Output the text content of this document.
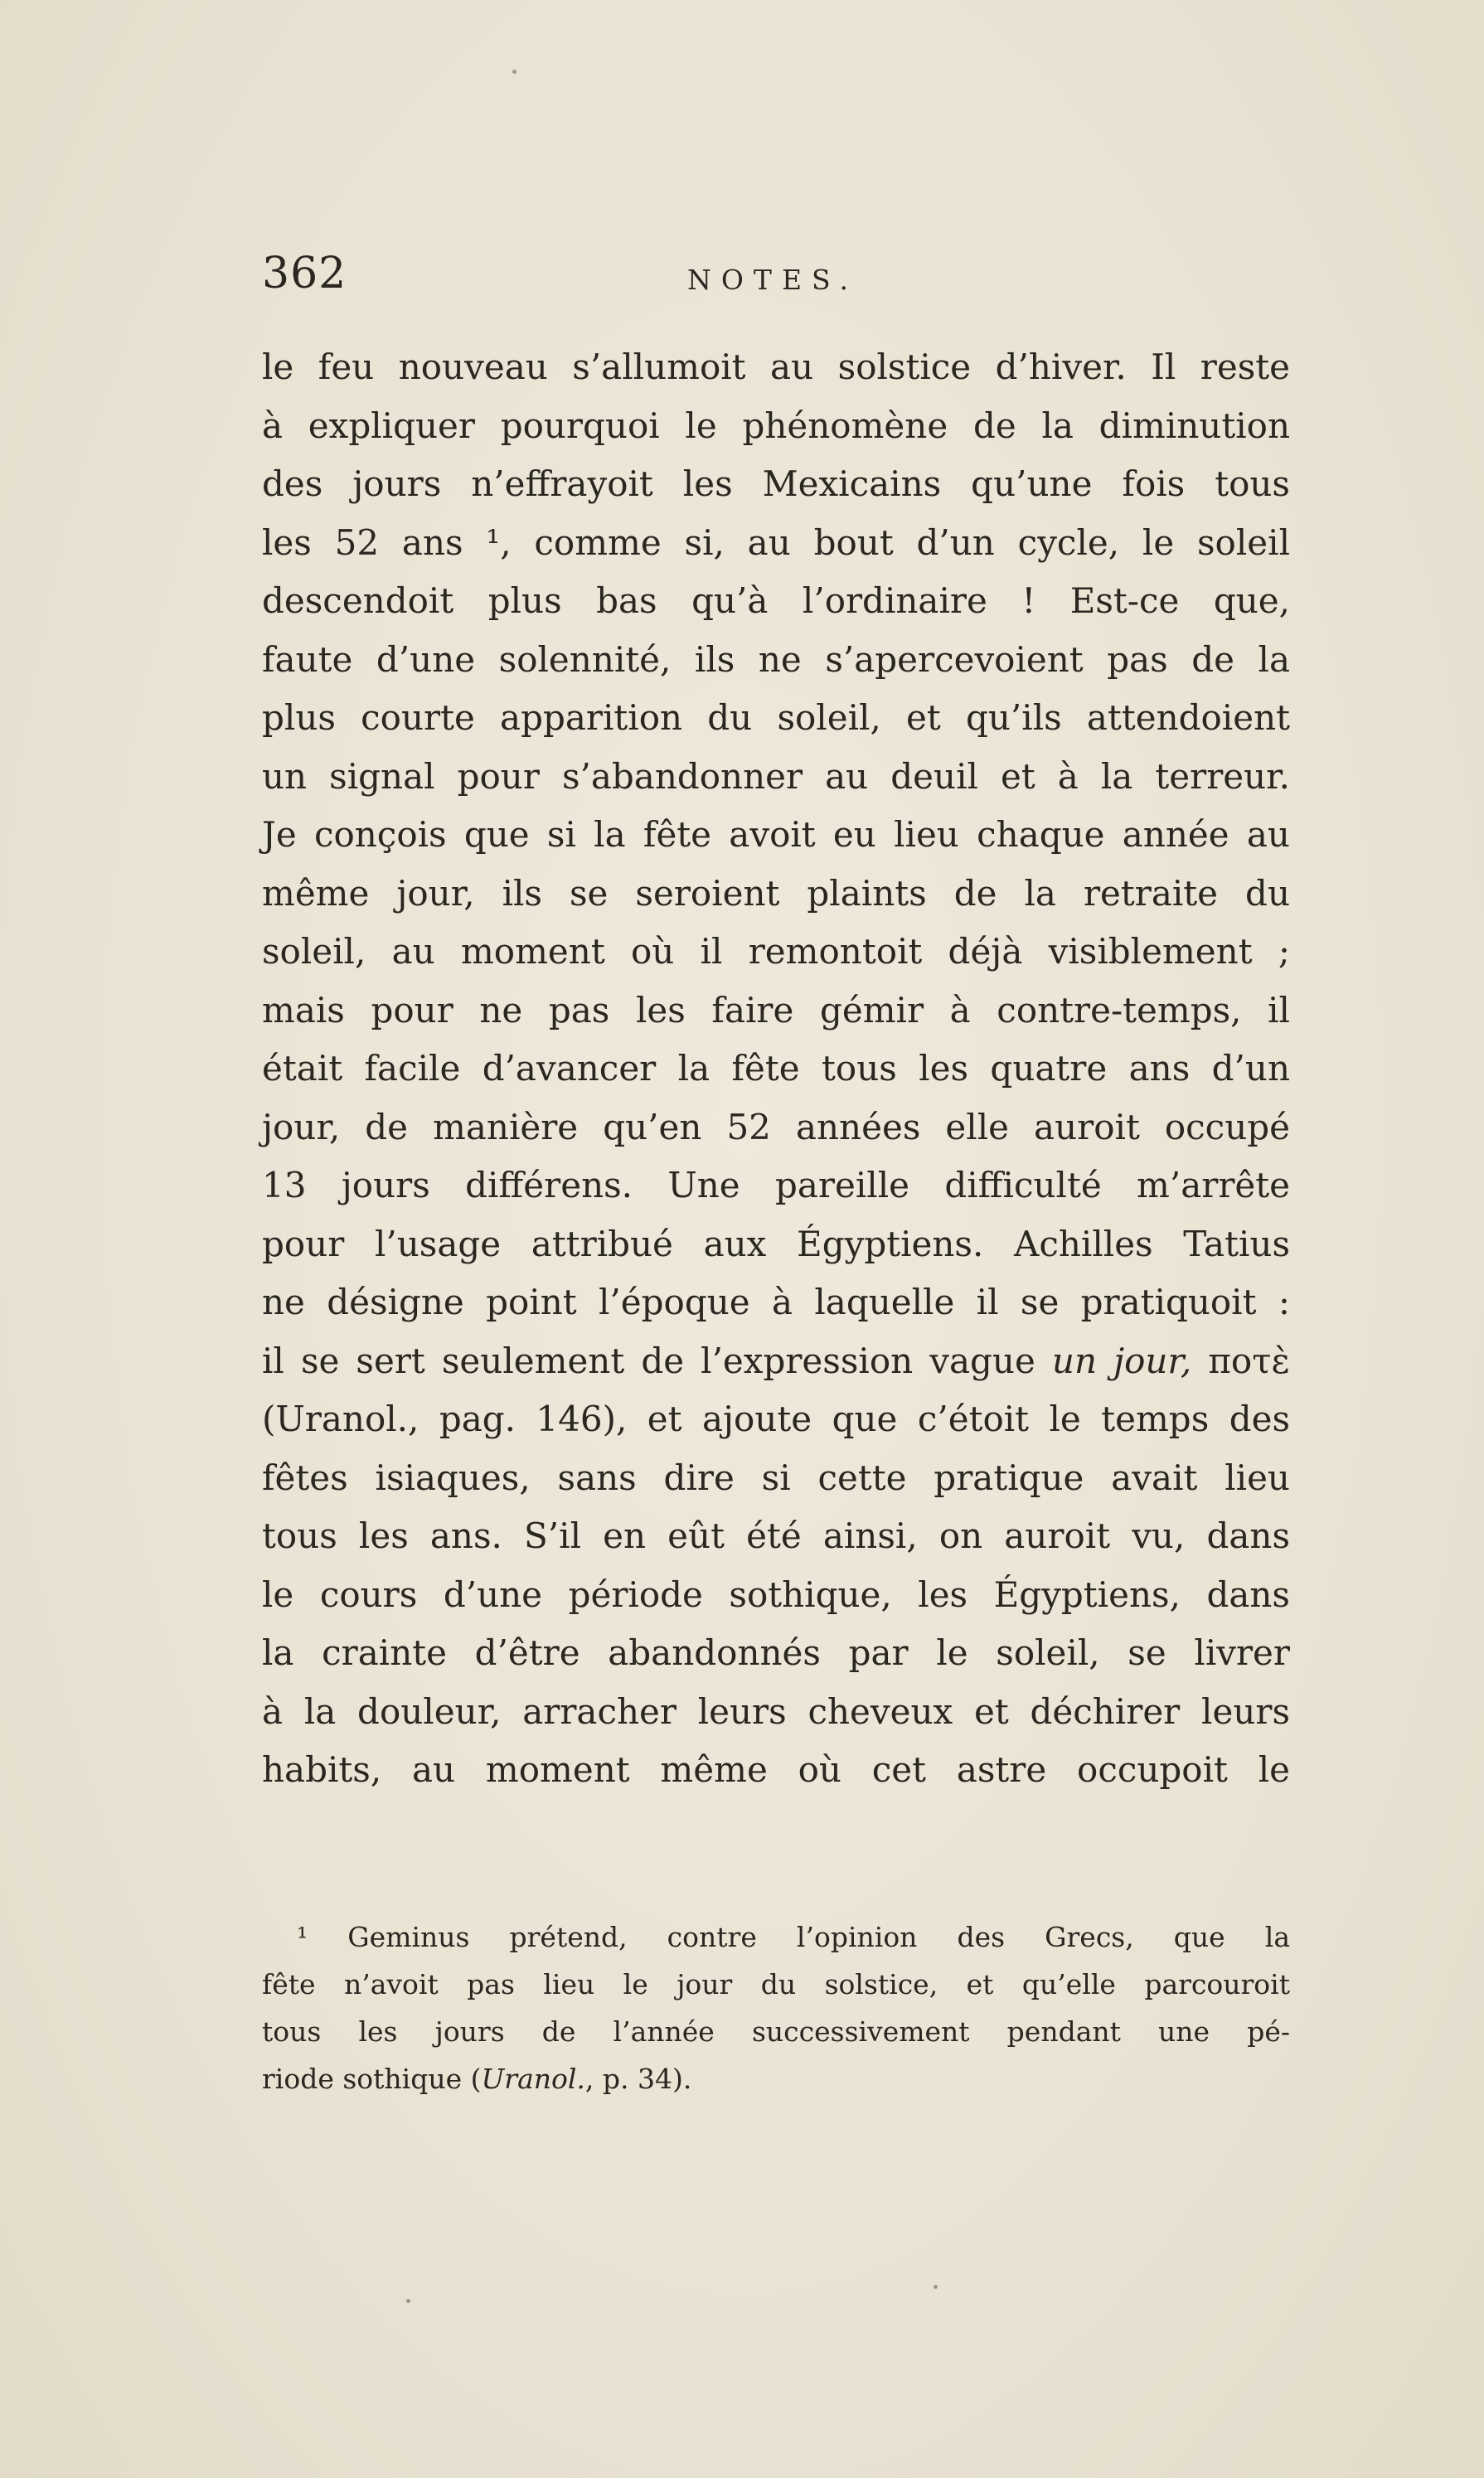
362	NOTES.
le feu nouveau s’allumoit au solstice d’hiver. Il reste
à expliquer pourquoi le phénomène de la diminution
des jours n’effrayoit les Mexicains qu’une fois tous
les 52 ans ¹, comme si, au bout d’un cycle, le soleil
descendoit plus bas qu’à l’ordinaire ! Est-ce que,
faute d’une solennité, ils ne s’apercevoient pas de la
plus courte apparition du soleil, et qu’ils attendoient
un signal pour s’abandonner au deuil et à la terreur.
Je conçois que si la fête avoit eu lieu chaque année au
même jour, ils se seroient plaints de la retraite du
soleil, au moment où il remontoit déjà visiblement ;
mais pour ne pas les faire gémir à contre-temps, il
était facile d’avancer la fête tous les quatre ans d’un
jour, de manière qu’en 52 années elle auroit occupé
13 jours différens. Une pareille difficulté m’arrête
pour l’usage attribué aux Égyptiens. Achilles Tatius
ne désigne point l’époque à laquelle il se pratiquoit :
il se sert seulement de l’expression vague un jour, ποτὲ
(Uranol., pag. 146), et ajoute que c’étoit le temps des
fêtes isiaques, sans dire si cette pratique avait lieu
tous les ans. S’il en eût été ainsi, on auroit vu, dans
le cours d’une période sothique, les Égyptiens, dans
la crainte d’être abandonnés par le soleil, se livrer
à la douleur, arracher leurs cheveux et déchirer leurs
habits, au moment même où cet astre occupoit le
¹ Geminus prétend, contre l’opinion des Grecs, que la
fête n’avoit pas lieu le jour du solstice, et qu’elle parcouroit
tous les jours de l’année successivement pendant une pé-
riode sothique (Uranol., p. 34).
